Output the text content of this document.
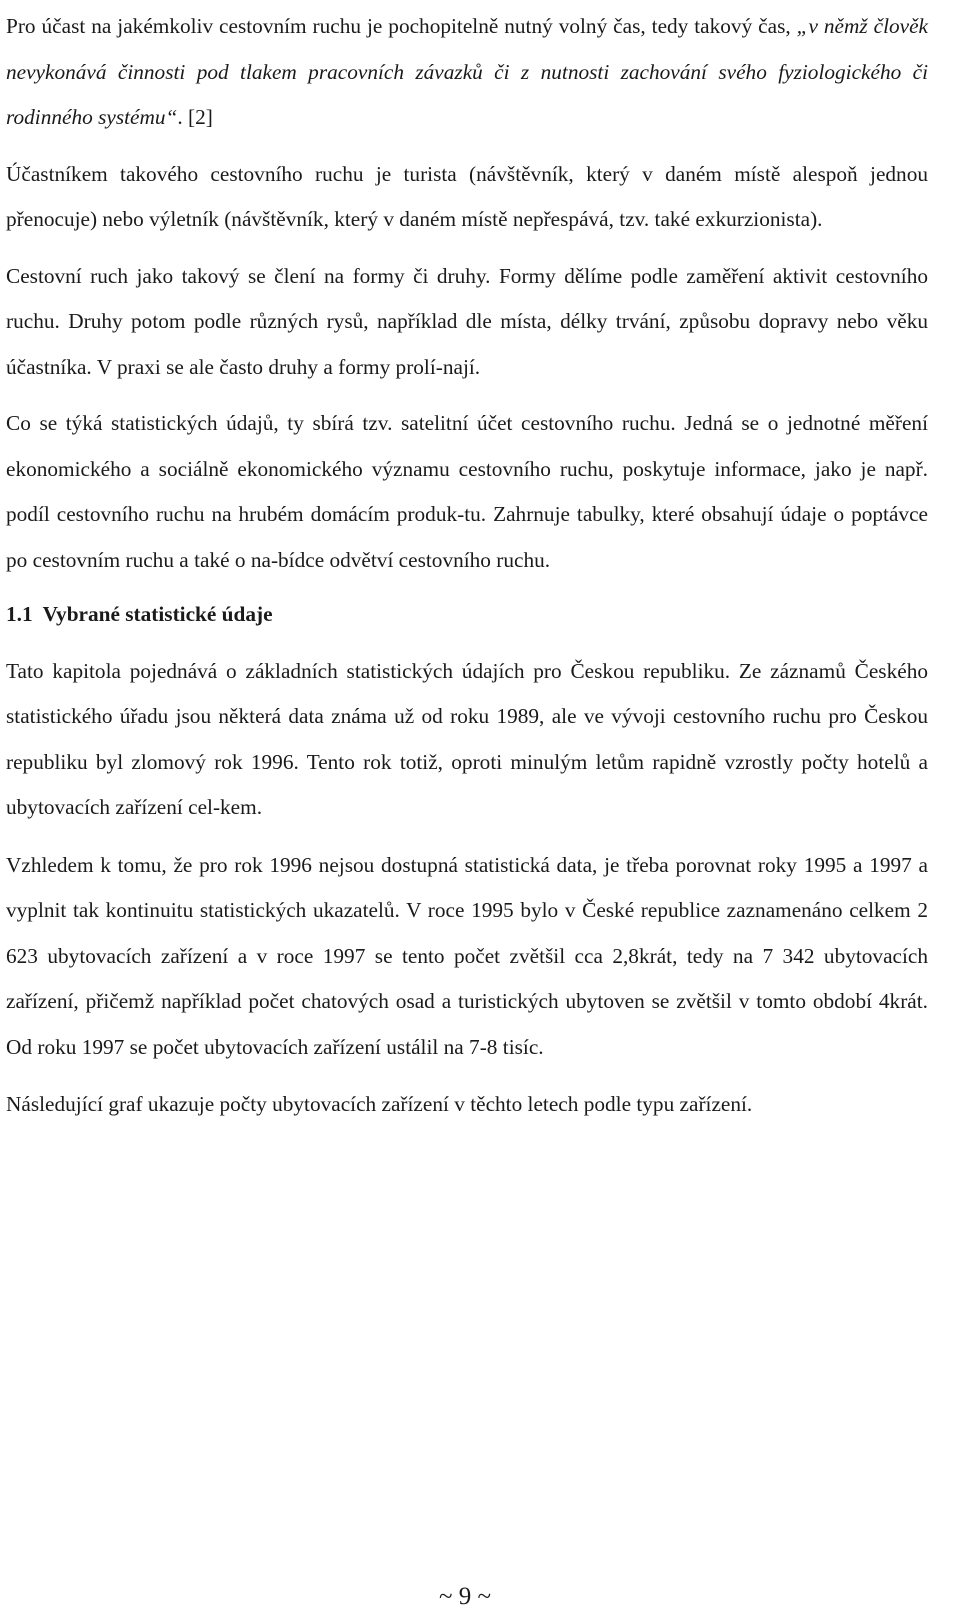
Pro účast na jakémkoliv cestovním ruchu je pochopitelně nutný volný čas, tedy takový čas, „v němž člověk nevykonává činnosti pod tlakem pracovních závazků či z nutnosti zachování svého fyziologického či rodinného systému“. [2]

Účastníkem takového cestovního ruchu je turista (návštěvník, který v daném místě alespoň jednou přenocuje) nebo výletník (návštěvník, který v daném místě nepřespává, tzv. také exkurzionista).

Cestovní ruch jako takový se člení na formy či druhy. Formy dělíme podle zaměření aktivit cestovního ruchu. Druhy potom podle různých rysů, například dle místa, délky trvání, způsobu dopravy nebo věku účastníka. V praxi se ale často druhy a formy prolí-nají.

Co se týká statistických údajů, ty sbírá tzv. satelitní účet cestovního ruchu. Jedná se o jednotné měření ekonomického a sociálně ekonomického významu cestovního ruchu, poskytuje informace, jako je např. podíl cestovního ruchu na hrubém domácím produk-tu. Zahrnuje tabulky, které obsahují údaje o poptávce po cestovním ruchu a také o na-bídce odvětví cestovního ruchu.

1.1 Vybrané statistické údaje

Tato kapitola pojednává o základních statistických údajích pro Českou republiku. Ze záznamů Českého statistického úřadu jsou některá data známa už od roku 1989, ale ve vývoji cestovního ruchu pro Českou republiku byl zlomový rok 1996. Tento rok totiž, oproti minulým letům rapidně vzrostly počty hotelů a ubytovacích zařízení cel-kem.

Vzhledem k tomu, že pro rok 1996 nejsou dostupná statistická data, je třeba porovnat roky 1995 a 1997 a vyplnit tak kontinuitu statistických ukazatelů. V roce 1995 bylo v České republice zaznamenáno celkem 2 623 ubytovacích zařízení a v roce 1997 se tento počet zvětšil cca 2,8krát, tedy na 7 342 ubytovacích zařízení, přičemž například počet chatových osad a turistických ubytoven se zvětšil v tomto období 4krát. Od roku 1997 se počet ubytovacích zařízení ustálil na 7-8 tisíc.

Následující graf ukazuje počty ubytovacích zařízení v těchto letech podle typu zařízení.

~ 9 ~
